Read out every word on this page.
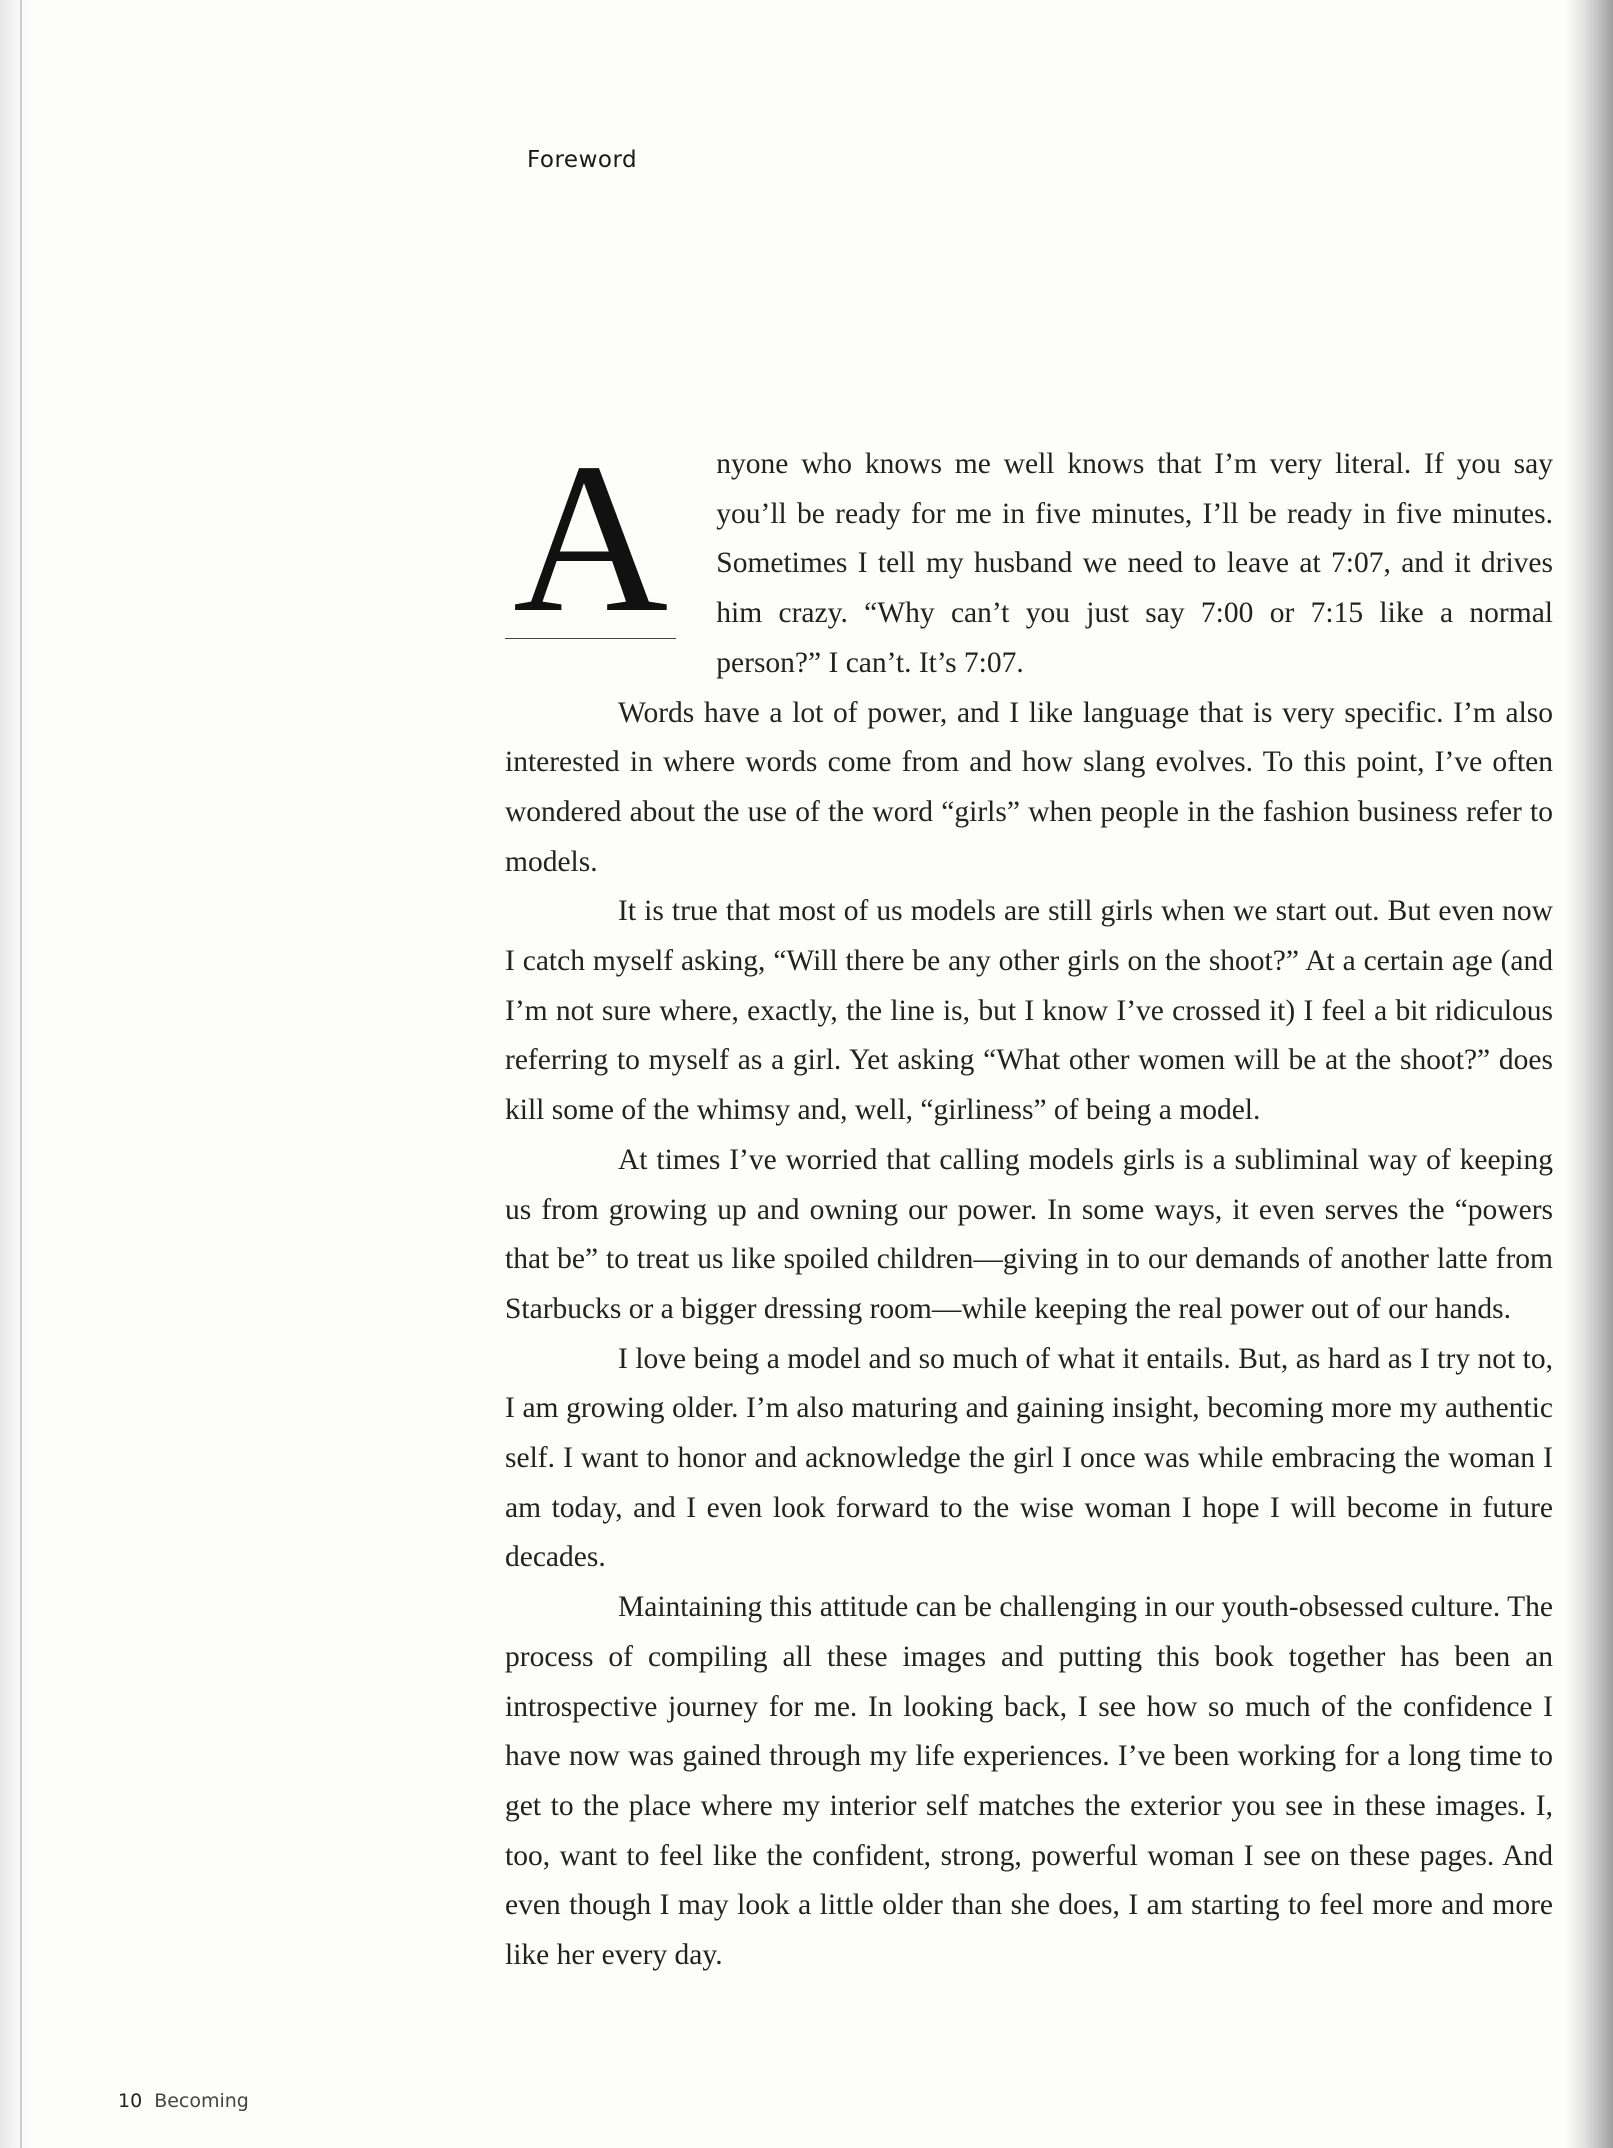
Foreword

A nyone who knows me well knows that I’m very literal. If you say you’ll be ready for me in five minutes, I’ll be ready in five minutes. Sometimes I tell my husband we need to leave at 7:07, and it drives him crazy. “Why can’t you just say 7:00 or 7:15 like a normal person?” I can’t. It’s 7:07.

Words have a lot of power, and I like language that is very specific. I’m also interested in where words come from and how slang evolves. To this point, I’ve often wondered about the use of the word “girls” when people in the fashion business refer to models.

It is true that most of us models are still girls when we start out. But even now I catch myself asking, “Will there be any other girls on the shoot?” At a certain age (and I’m not sure where, exactly, the line is, but I know I’ve crossed it) I feel a bit ridiculous referring to myself as a girl. Yet asking “What other women will be at the shoot?” does kill some of the whimsy and, well, “girliness” of being a model.

At times I’ve worried that calling models girls is a subliminal way of keeping us from growing up and owning our power. In some ways, it even serves the “powers that be” to treat us like spoiled children—giving in to our demands of another latte from Starbucks or a bigger dressing room—while keeping the real power out of our hands.

I love being a model and so much of what it entails. But, as hard as I try not to, I am growing older. I’m also maturing and gaining insight, becoming more my authentic self. I want to honor and acknowledge the girl I once was while embracing the woman I am today, and I even look forward to the wise woman I hope I will become in future decades.

Maintaining this attitude can be challenging in our youth-obsessed culture. The process of compiling all these images and putting this book together has been an introspective journey for me. In looking back, I see how so much of the confidence I have now was gained through my life experiences. I’ve been working for a long time to get to the place where my interior self matches the exterior you see in these images. I, too, want to feel like the confident, strong, powerful woman I see on these pages. And even though I may look a little older than she does, I am starting to feel more and more like her every day.

10 Becoming
